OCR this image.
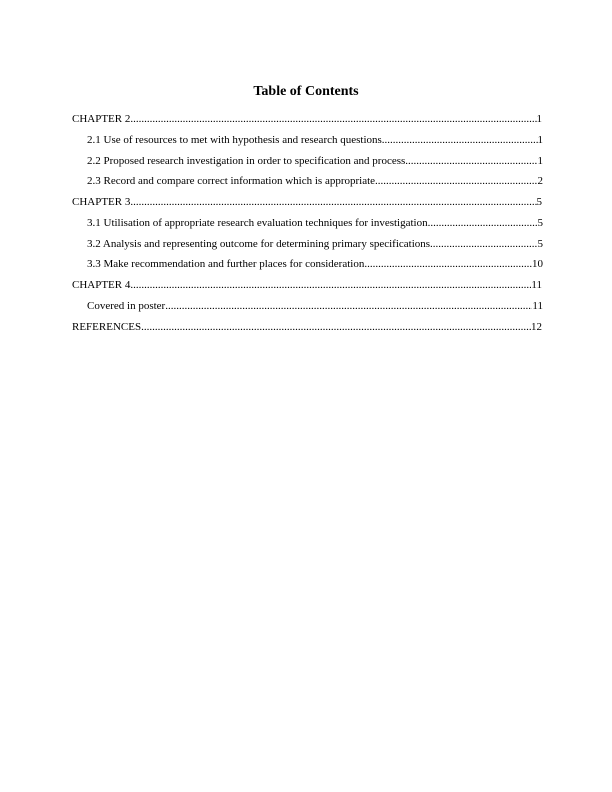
Table of Contents
CHAPTER 2 .....	1
2.1 Use of resources to met with hypothesis and research questions .....	1
2.2 Proposed research investigation in order to specification and process .....	1
2.3 Record and compare correct information which is appropriate .....	2
CHAPTER 3 .....	5
3.1 Utilisation of appropriate research evaluation techniques for investigation .....	5
3.2 Analysis and representing outcome for determining primary specifications .....	5
3.3 Make recommendation and further places for consideration .....	10
CHAPTER 4 .....	11
Covered in poster .....	11
REFERENCES .....	12
